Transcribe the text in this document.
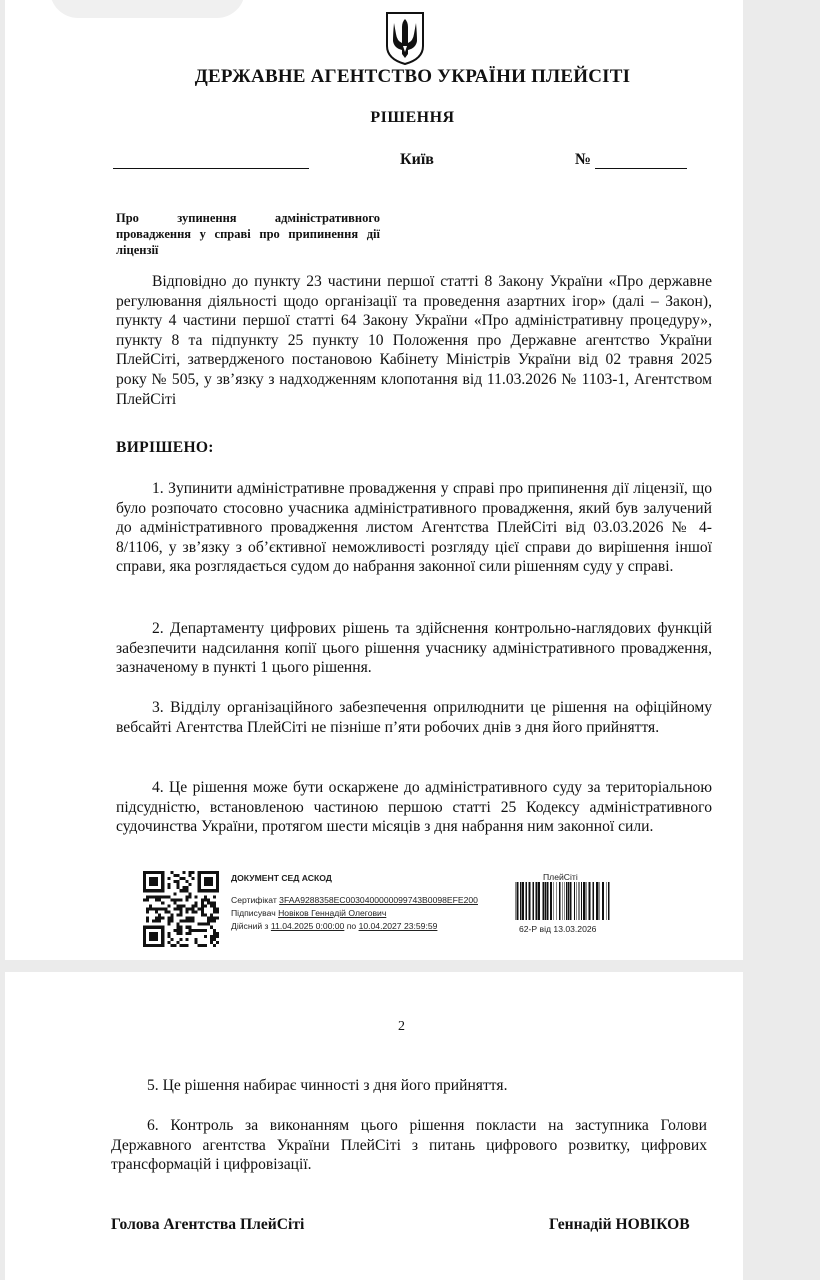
ДЕРЖАВНЕ АГЕНТСТВО УКРАЇНИ ПЛЕЙСІТІ
РІШЕННЯ
Київ	№
Про зупинення адміністративного провадження у справі про припинення дії ліцензії
Відповідно до пункту 23 частини першої статті 8 Закону України «Про державне регулювання діяльності щодо організації та проведення азартних ігор» (далі – Закон), пункту 4 частини першої статті 64 Закону України «Про адміністративну процедуру», пункту 8 та підпункту 25 пункту 10 Положення про Державне агентство України ПлейСіті, затвердженого постановою Кабінету Міністрів України від 02 травня 2025 року № 505, у зв’язку з надходженням клопотання від 11.03.2026 № 1103-1, Агентством ПлейСіті
ВИРІШЕНО:
1. Зупинити адміністративне провадження у справі про припинення дії ліцензії, що було розпочато стосовно учасника адміністративного провадження, який був залучений до адміністративного провадження листом Агентства ПлейСіті від 03.03.2026 № 4-8/1106, у зв’язку з об’єктивної неможливості розгляду цієї справи до вирішення іншої справи, яка розглядається судом до набрання законної сили рішенням суду у справі.
2. Департаменту цифрових рішень та здійснення контрольно-наглядових функцій забезпечити надсилання копії цього рішення учаснику адміністративного провадження, зазначеному в пункті 1 цього рішення.
3. Відділу організаційного забезпечення оприлюднити це рішення на офіційному вебсайті Агентства ПлейСіті не пізніше п’яти робочих днів з дня його прийняття.
4. Це рішення може бути оскаржене до адміністративного суду за територіальною підсудністю, встановленою частиною першою статті 25 Кодексу адміністративного судочинства України, протягом шести місяців з дня набрання ним законної сили.
ДОКУМЕНТ СЕД АСКОД
Сертифікат 3FAA9288358EC0030400000099743B0098EFE200
Підписувач Новіков Геннадій Олегович
Дійсний з 11.04.2025 0:00:00 по 10.04.2027 23:59:59
ПлейСіті
62-Р від 13.03.2026
2
5. Це рішення набирає чинності з дня його прийняття.
6. Контроль за виконанням цього рішення покласти на заступника Голови Державного агентства України ПлейСіті з питань цифрового розвитку, цифрових трансформацій і цифровізації.
Голова Агентства ПлейСіті	Геннадій НОВІКОВ
